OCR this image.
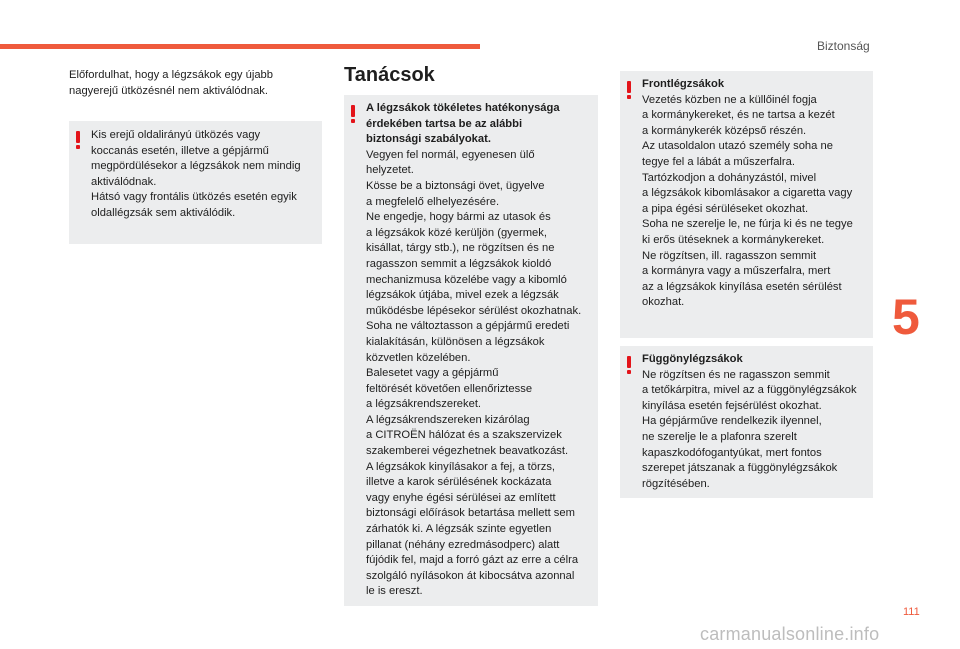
Biztonság
5
Előfordulhat, hogy a légzsákok egy újabb
nagyerejű ütközésnél nem aktiválódnak.
Kis erejű oldalirányú ütközés vagy
koccanás esetén, illetve a gépjármű
megpördülésekor a légzsákok nem mindig
aktiválódnak.
Hátsó vagy frontális ütközés esetén egyik
oldallégzsák sem aktiválódik.
Tanácsok
A légzsákok tökéletes hatékonysága
érdekében tartsa be az alábbi
biztonsági szabályokat.
Vegyen fel normál, egyenesen ülő
helyzetet.
Kösse be a biztonsági övet, ügyelve
a megfelelő elhelyezésére.
Ne engedje, hogy bármi az utasok és
a légzsákok közé kerüljön (gyermek,
kisállat, tárgy stb.), ne rögzítsen és ne
ragasszon semmit a légzsákok kioldó
mechanizmusa közelébe vagy a kibomló
légzsákok útjába, mivel ezek a légzsák
működésbe lépésekor sérülést okozhatnak.
Soha ne változtasson a gépjármű eredeti
kialakításán, különösen a légzsákok
közvetlen közelében.
Balesetet vagy a gépjármű
feltörését követően ellenőriztesse
a légzsákrendszereket.
A légzsákrendszereken kizárólag
a CITROËN hálózat és a szakszervizek
szakemberei végezhetnek beavatkozást.
A légzsákok kinyílásakor a fej, a törzs,
illetve a karok sérülésének kockázata
vagy enyhe égési sérülései az említett
biztonsági előírások betartása mellett sem
zárhatók ki. A légzsák szinte egyetlen
pillanat (néhány ezredmásodperc) alatt
fújódik fel, majd a forró gázt az erre a célra
szolgáló nyílásokon át kibocsátva azonnal
le is ereszt.
Frontlégzsákok
Vezetés közben ne a küllőinél fogja
a kormánykereket, és ne tartsa a kezét
a kormánykerék középső részén.
Az utasoldalon utazó személy soha ne
tegye fel a lábát a műszerfalra.
Tartózkodjon a dohányzástól, mivel
a légzsákok kibomlásakor a cigaretta vagy
a pipa égési sérüléseket okozhat.
Soha ne szerelje le, ne fúrja ki és ne tegye
ki erős ütéseknek a kormánykereket.
Ne rögzítsen, ill. ragasszon semmit
a kormányra vagy a műszerfalra, mert
az a légzsákok kinyílása esetén sérülést
okozhat.
Függönylégzsákok
Ne rögzítsen és ne ragasszon semmit
a tetőkárpitra, mivel az a függönylégzsákok
kinyílása esetén fejsérülést okozhat.
Ha gépjárműve rendelkezik ilyennel,
ne szerelje le a plafonra szerelt
kapaszkodófogantyúkat, mert fontos
szerepet játszanak a függönylégzsákok
rögzítésében.
111
carmanualsonline.info
